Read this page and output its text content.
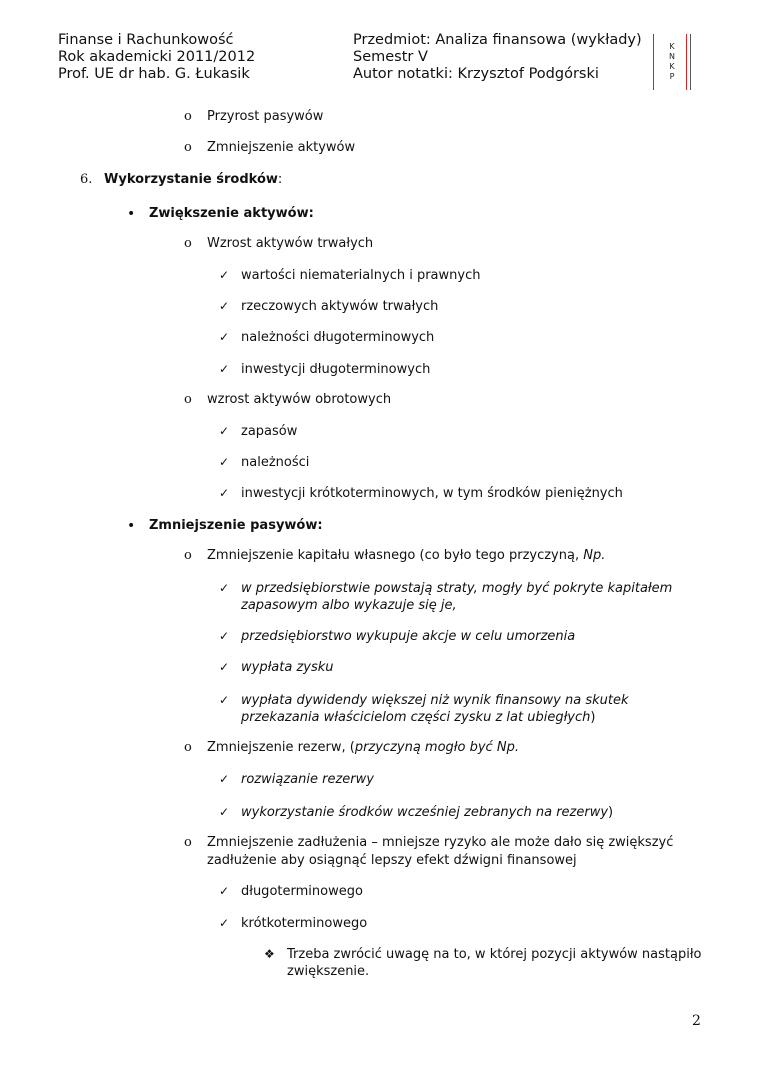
Finanse i Rachunkowość
Rok akademicki 2011/2012
Prof. UE dr hab. G. Łukasik
Przedmiot: Analiza finansowa (wykłady)
Semestr V
Autor notatki: Krzysztof Podgórski
K
N
K
P
o Przyrost pasywów
o Zmniejszenie aktywów
6. Wykorzystanie środków:
• Zwiększenie aktywów:
o Wzrost aktywów trwałych
✓ wartości niematerialnych i prawnych
✓ rzeczowych aktywów trwałych
✓ należności długoterminowych
✓ inwestycji długoterminowych
o wzrost aktywów obrotowych
✓ zapasów
✓ należności
✓ inwestycji krótkoterminowych, w tym środków pieniężnych
• Zmniejszenie pasywów:
o Zmniejszenie kapitału własnego (co było tego przyczyną, Np.
✓ w przedsiębiorstwie powstają straty, mogły być pokryte kapitałem
zapasowym albo wykazuje się je,
✓ przedsiębiorstwo wykupuje akcje w celu umorzenia
✓ wypłata zysku
✓ wypłata dywidendy większej niż wynik finansowy na skutek
przekazania właścicielom części zysku z lat ubiegłych)
o Zmniejszenie rezerw, (przyczyną mogło być Np.
✓ rozwiązanie rezerwy
✓ wykorzystanie środków wcześniej zebranych na rezerwy)
o Zmniejszenie zadłużenia – mniejsze ryzyko ale może dało się zwiększyć
zadłużenie aby osiągnąć lepszy efekt dźwigni finansowej
✓ długoterminowego
✓ krótkoterminowego
❖ Trzeba zwrócić uwagę na to, w której pozycji aktywów nastąpiło
zwiększenie.
2
